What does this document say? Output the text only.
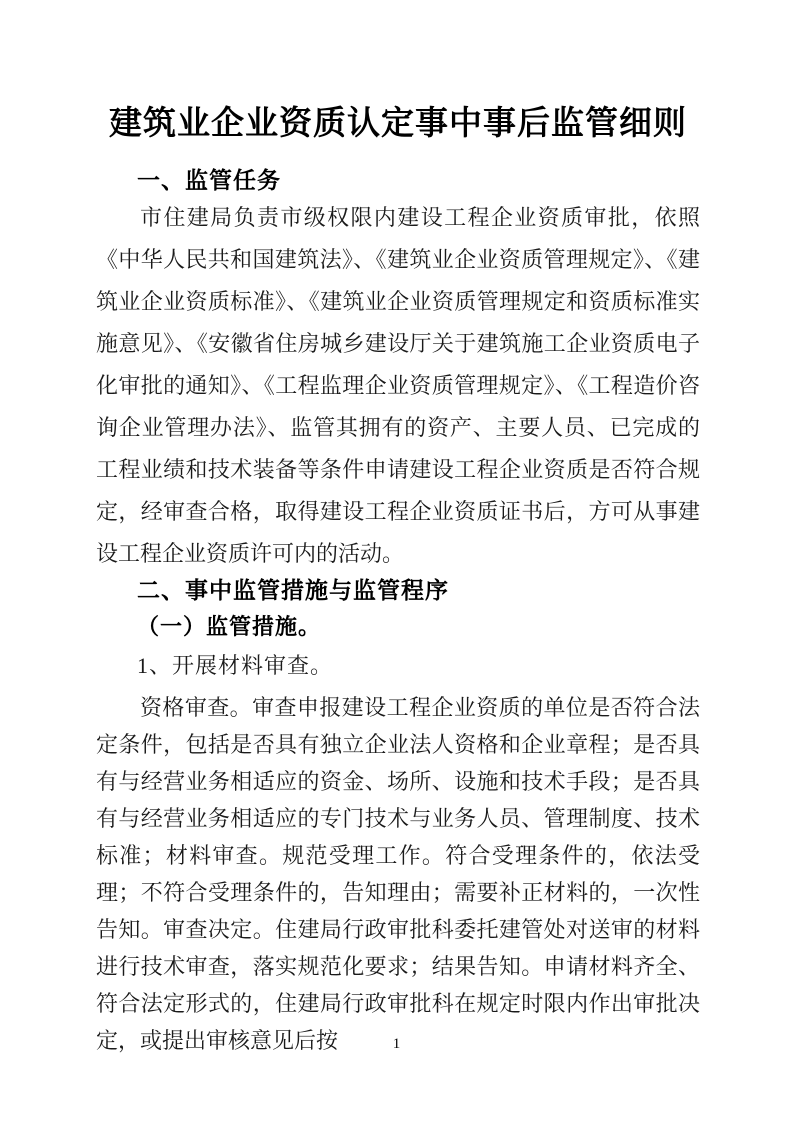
建筑业企业资质认定事中事后监管细则
一、监管任务

市住建局负责市级权限内建设工程企业资质审批，依照《中华人民共和国建筑法》、《建筑业企业资质管理规定》、《建筑业企业资质标准》、《建筑业企业资质管理规定和资质标准实施意见》、《安徽省住房城乡建设厅关于建筑施工企业资质电子化审批的通知》、《工程监理企业资质管理规定》、《工程造价咨询企业管理办法》、监管其拥有的资产、主要人员、已完成的工程业绩和技术装备等条件申请建设工程企业资质是否符合规定，经审查合格，取得建设工程企业资质证书后，方可从事建设工程企业资质许可内的活动。

二、事中监管措施与监管程序
（一）监管措施。
1、开展材料审查。

资格审查。审查申报建设工程企业资质的单位是否符合法定条件，包括是否具有独立企业法人资格和企业章程；是否具有与经营业务相适应的资金、场所、设施和技术手段；是否具有与经营业务相适应的专门技术与业务人员、管理制度、技术标准；材料审查。规范受理工作。符合受理条件的，依法受理；不符合受理条件的，告知理由；需要补正材料的，一次性告知。审查决定。住建局行政审批科委托建管处对送审的材料进行技术审查，落实规范化要求；结果告知。申请材料齐全、符合法定形式的，住建局行政审批科在规定时限内作出审批决定，或提出审核意见后按	1
